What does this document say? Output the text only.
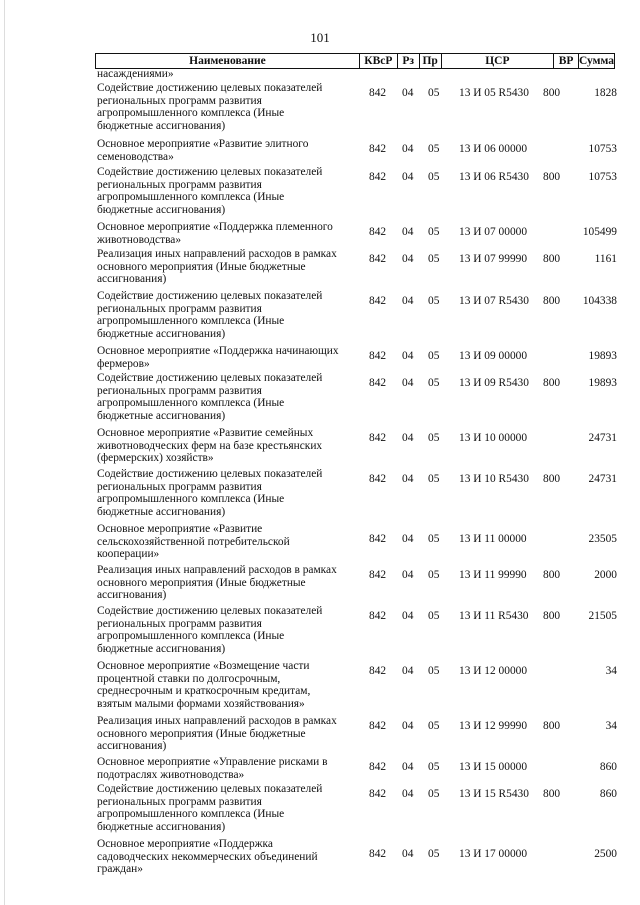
101
Наименование	КВсР Рз Пр	ЦСР	ВР Сумма
насаждениями»
Содействие достижению целевых показателей
региональных программ развития
агропромышленного комплекса (Иные
бюджетные ассигнования)
842 04 05 13 И 05 R5430 800	1828
Основное мероприятие «Развитие элитного
семеноводства»
842 04 05 13 И 06 00000	10753
Содействие достижению целевых показателей
региональных программ развития
агропромышленного комплекса (Иные
бюджетные ассигнования)
842 04 05 13 И 06 R5430 800 10753
Основное мероприятие «Поддержка племенного
животноводства»
842 04 05 13 И 07 00000	105499
Реализация иных направлений расходов в рамках
основного мероприятия (Иные бюджетные
ассигнования)
842 04 05 13 И 07 99990 800	1161
Содействие достижению целевых показателей
региональных программ развития
агропромышленного комплекса (Иные
бюджетные ассигнования)
842 04 05 13 И 07 R5430 800 104338
Основное мероприятие «Поддержка начинающих
фермеров»
842 04 05 13 И 09 00000	19893
Содействие достижению целевых показателей
региональных программ развития
агропромышленного комплекса (Иные
бюджетные ассигнования)
842 04 05 13 И 09 R5430 800 19893
Основное мероприятие «Развитие семейных
животноводческих ферм на базе крестьянских
(фермерских) хозяйств»
842 04 05 13 И 10 00000	24731
Содействие достижению целевых показателей
региональных программ развития
агропромышленного комплекса (Иные
бюджетные ассигнования)
842 04 05 13 И 10 R5430 800 24731
Основное мероприятие «Развитие
сельскохозяйственной потребительской
кооперации»
842 04 05 13 И 11 00000	23505
Реализация иных направлений расходов в рамках
основного мероприятия (Иные бюджетные
ассигнования)
842 04 05 13 И 11 99990 800	2000
Содействие достижению целевых показателей
региональных программ развития
агропромышленного комплекса (Иные
бюджетные ассигнования)
842 04 05 13 И 11 R5430 800 21505
Основное мероприятие «Возмещение части
процентной ставки по долгосрочным,
среднесрочным и краткосрочным кредитам,
взятым малыми формами хозяйствования»
842 04 05 13 И 12 00000	34
Реализация иных направлений расходов в рамках
основного мероприятия (Иные бюджетные
ассигнования)
842 04 05 13 И 12 99990 800	34
Основное мероприятие «Управление рисками в
подотраслях животноводства»
842 04 05 13 И 15 00000	860
Содействие достижению целевых показателей
региональных программ развития
агропромышленного комплекса (Иные
бюджетные ассигнования)
842 04 05 13 И 15 R5430 800	860
Основное мероприятие «Поддержка
садоводческих некоммерческих объединений
граждан»
842 04 05 13 И 17 00000	2500
